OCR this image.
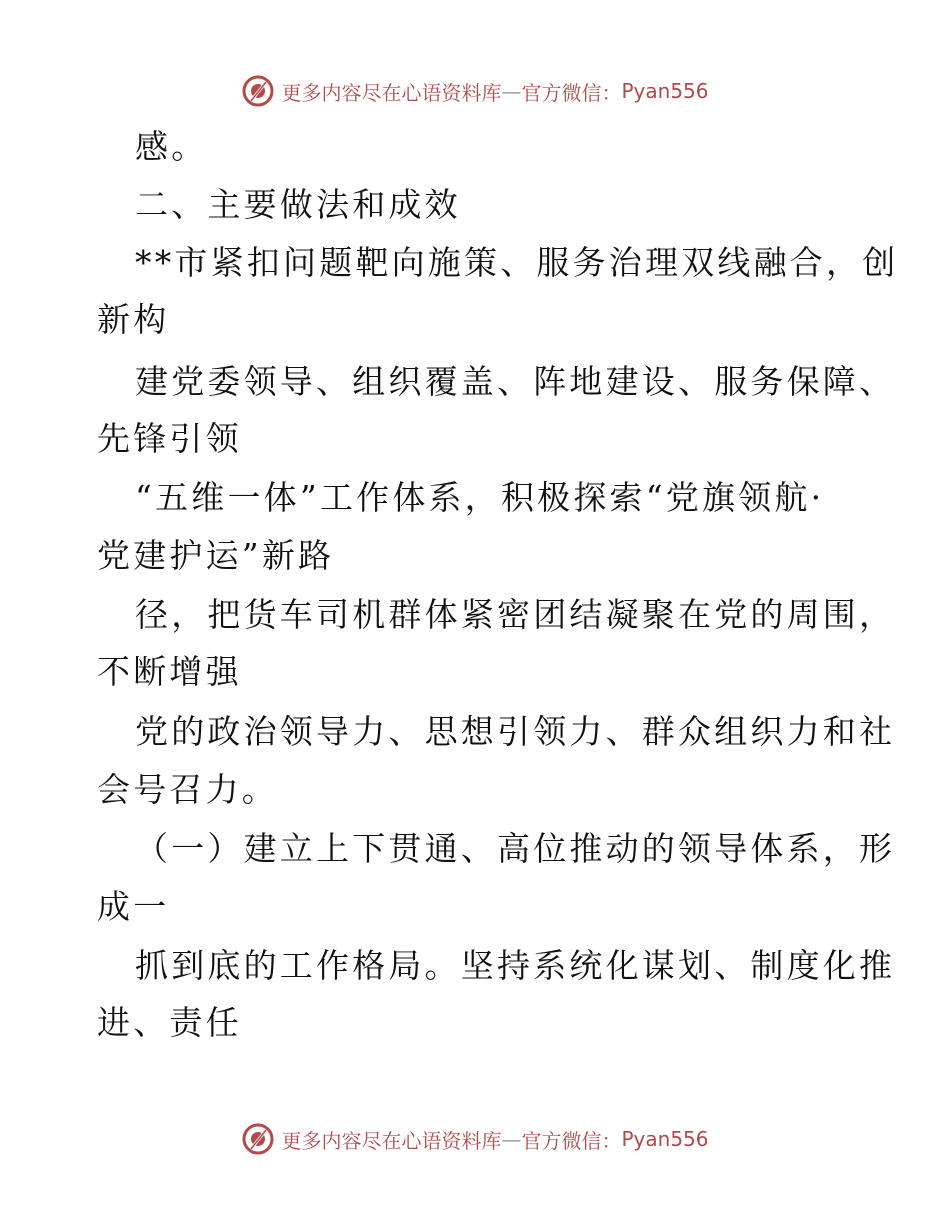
更多内容尽在心语资料库 — 官方微信： Pyan556

感。

二、主要做法和成效

**市紧扣问题靶向施策、服务治理双线融合，创

新构

建党委领导、组织覆盖、阵地建设、服务保障、

先锋引领

“五维一体”工作体系，积极探索“党旗领航·

党建护运”新路

径，把货车司机群体紧密团结凝聚在党的周围，

不断增强

党的政治领导力、思想引领力、群众组织力和社

会号召力。

（一）建立上下贯通、高位推动的领导体系，形

成一

抓到底的工作格局。坚持系统化谋划、制度化推

进、责任

更多内容尽在心语资料库 — 官方微信： Pyan556
